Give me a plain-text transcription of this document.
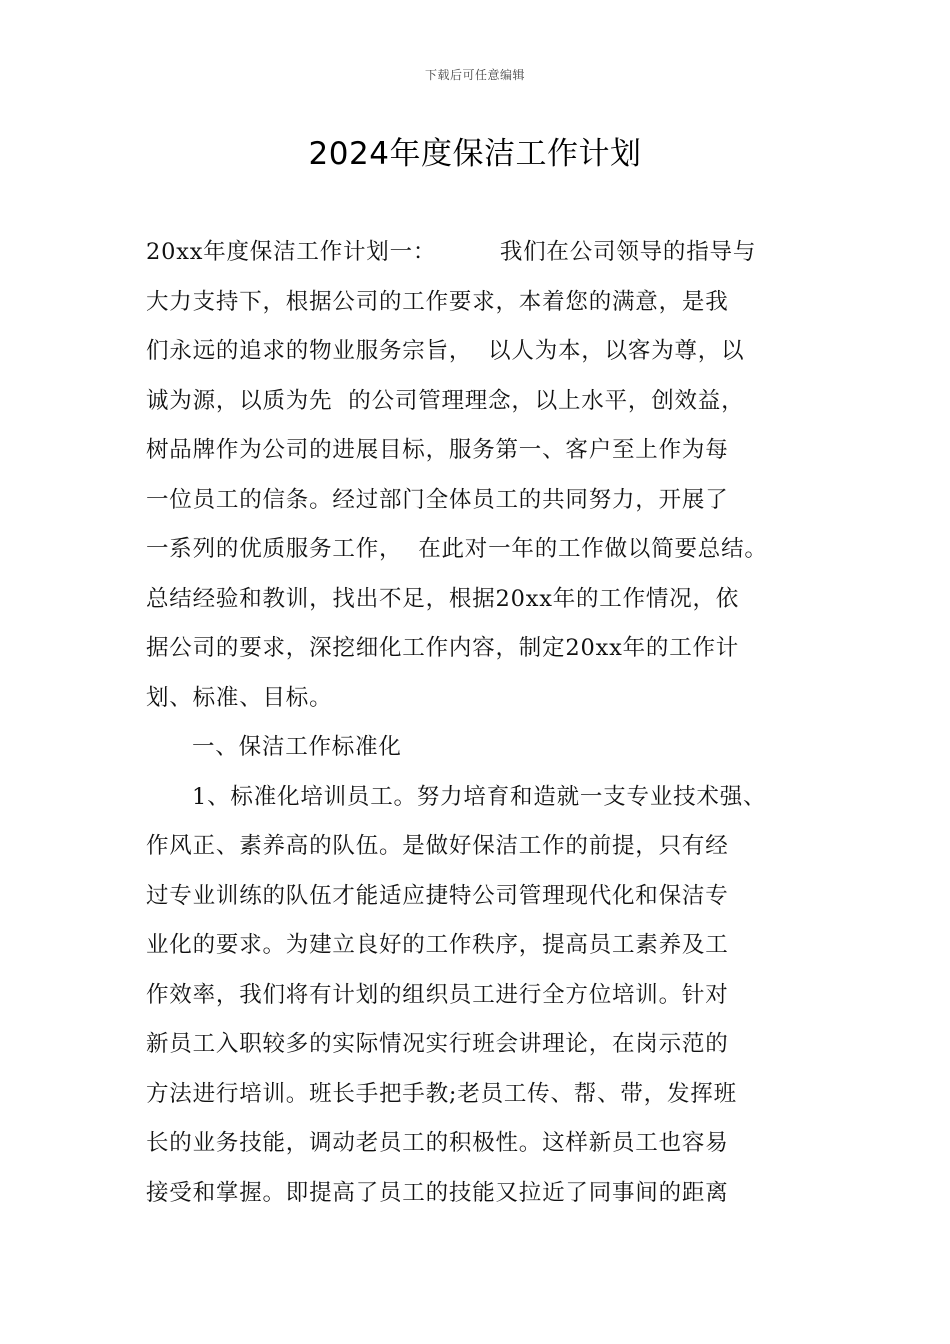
下载后可任意编辑
2024年度保洁工作计划
20xx年度保洁工作计划一：        我们在公司领导的指导与
大力支持下，根据公司的工作要求，本着您的满意，是我
们永远的追求的物业服务宗旨，  以人为本，以客为尊，以
诚为源，以质为先  的公司管理理念，以上水平，创效益，
树品牌作为公司的进展目标，服务第一、客户至上作为每
一位员工的信条。经过部门全体员工的共同努力，开展了
一系列的优质服务工作，  在此对一年的工作做以简要总结。
总结经验和教训，找出不足，根据20xx年的工作情况，依
据公司的要求，深挖细化工作内容，制定20xx年的工作计
划、标准、目标。
一、保洁工作标准化
1、标准化培训员工。努力培育和造就一支专业技术强、
作风正、素养高的队伍。是做好保洁工作的前提，只有经
过专业训练的队伍才能适应捷特公司管理现代化和保洁专
业化的要求。为建立良好的工作秩序，提高员工素养及工
作效率，我们将有计划的组织员工进行全方位培训。针对
新员工入职较多的实际情况实行班会讲理论，在岗示范的
方法进行培训。班长手把手教;老员工传、帮、带，发挥班
长的业务技能，调动老员工的积极性。这样新员工也容易
接受和掌握。即提高了员工的技能又拉近了同事间的距离
